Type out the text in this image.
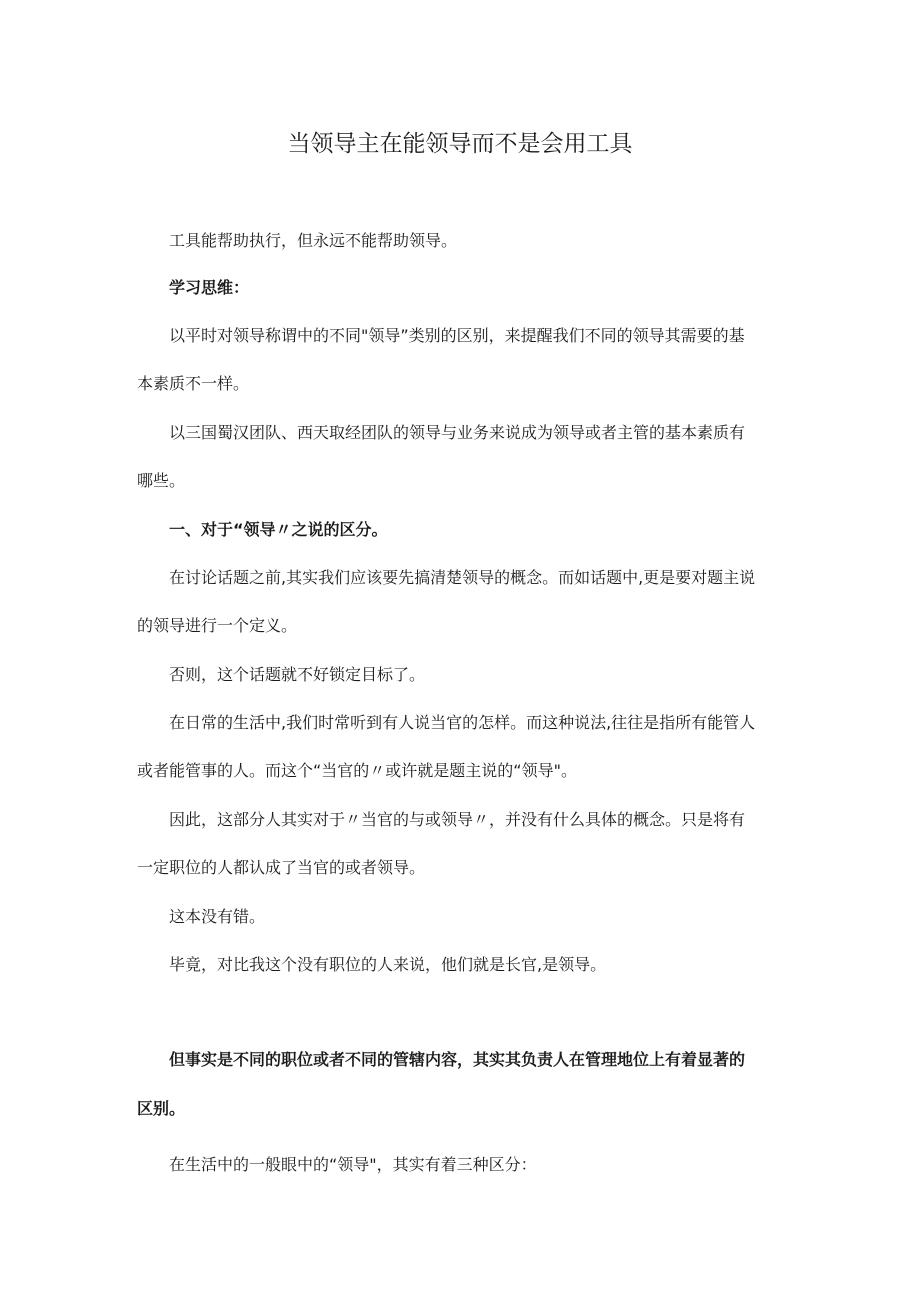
当领导主在能领导而不是会用工具

工具能帮助执行，但永远不能帮助领导。

学习思维：

以平时对领导称谓中的不同"领导”类别的区别，来提醒我们不同的领导其需要的基

本素质不一样。

以三国蜀汉团队、西天取经团队的领导与业务来说成为领导或者主管的基本素质有

哪些。

一、对于“领导〃之说的区分。

在讨论话题之前,其实我们应该要先搞清楚领导的概念。而如话题中,更是要对题主说

的领导进行一个定义。

否则，这个话题就不好锁定目标了。

在日常的生活中,我们时常听到有人说当官的怎样。而这种说法,往往是指所有能管人

或者能管事的人。而这个“当官的〃或许就是题主说的“领导"。

因此，这部分人其实对于〃当官的与或领导〃，并没有什么具体的概念。只是将有

一定职位的人都认成了当官的或者领导。

这本没有错。

毕竟，对比我这个没有职位的人来说，他们就是长官,是领导。

但事实是不同的职位或者不同的管辖内容，其实其负责人在管理地位上有着显著的

区别。

在生活中的一般眼中的“领导"，其实有着三种区分：
